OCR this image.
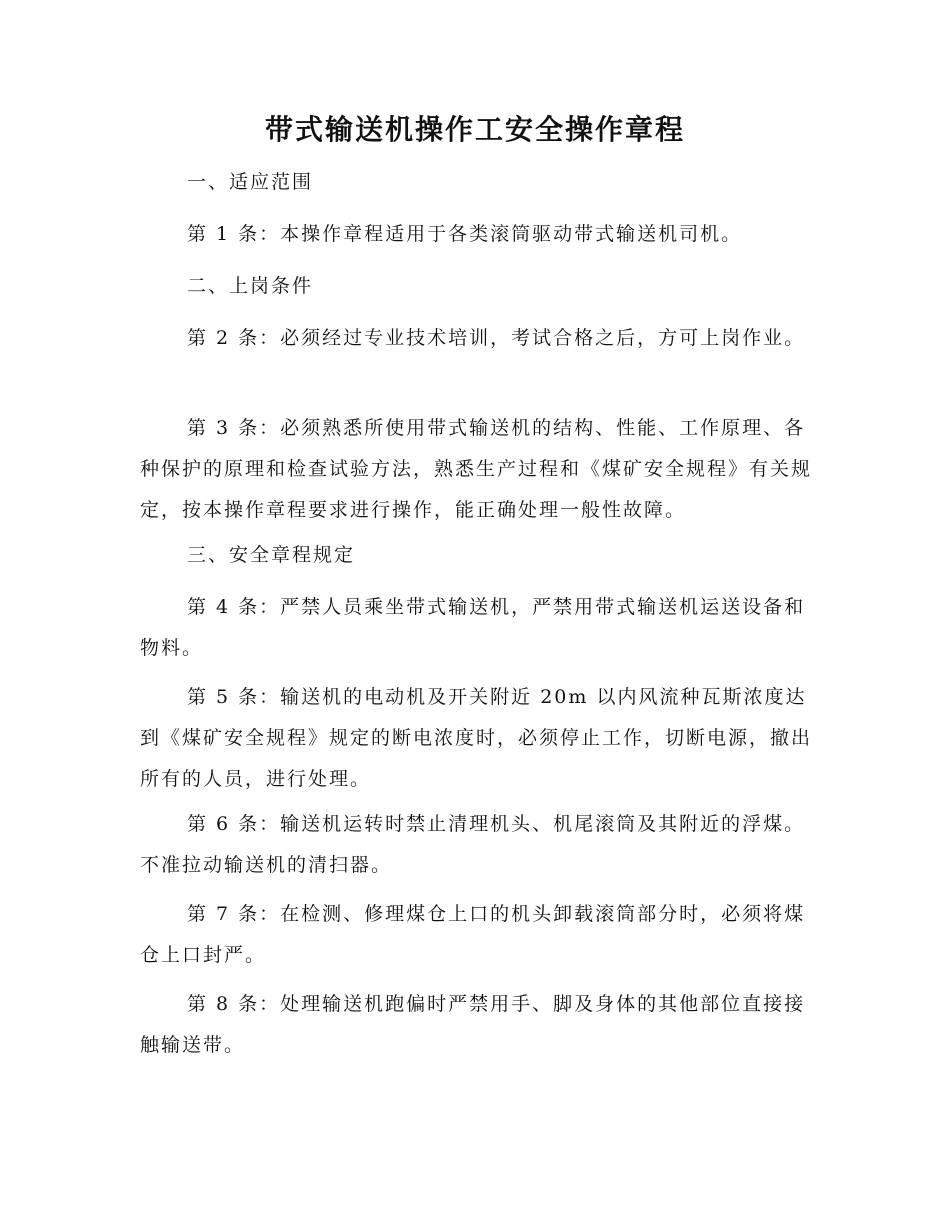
带式输送机操作工安全操作章程
一、适应范围
第 1 条：本操作章程适用于各类滚筒驱动带式输送机司机。
二、上岗条件
第 2 条：必须经过专业技术培训，考试合格之后，方可上岗作业。
第 3 条：必须熟悉所使用带式输送机的结构、性能、工作原理、各种保护的原理和检查试验方法，熟悉生产过程和《煤矿安全规程》有关规定，按本操作章程要求进行操作，能正确处理一般性故障。
三、安全章程规定
第 4 条：严禁人员乘坐带式输送机，严禁用带式输送机运送设备和物料。
第 5 条：输送机的电动机及开关附近 20m 以内风流种瓦斯浓度达到《煤矿安全规程》规定的断电浓度时，必须停止工作，切断电源，撤出所有的人员，进行处理。
第 6 条：输送机运转时禁止清理机头、机尾滚筒及其附近的浮煤。不准拉动输送机的清扫器。
第 7 条：在检测、修理煤仓上口的机头卸载滚筒部分时，必须将煤仓上口封严。
第 8 条：处理输送机跑偏时严禁用手、脚及身体的其他部位直接接触输送带。
